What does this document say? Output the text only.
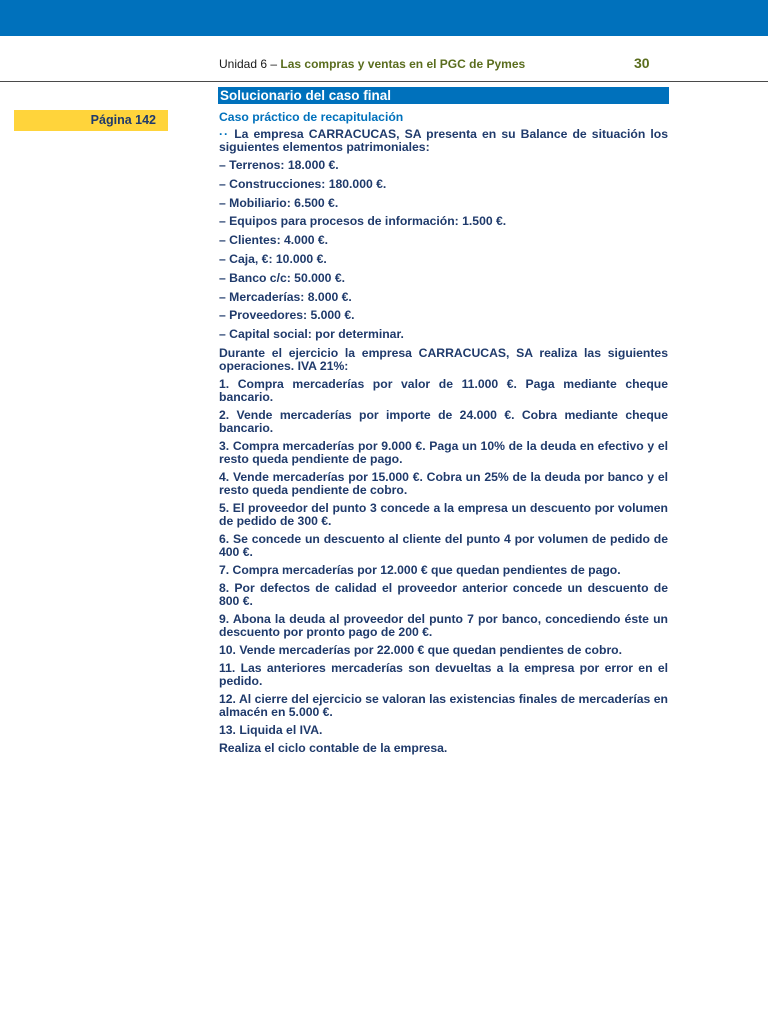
Unidad 6 – Las compras y ventas en el PGC de Pymes	30
Solucionario del caso final
Página 142	Caso práctico de recapitulación
·· La empresa CARRACUCAS, SA presenta en su Balance de situación los siguientes elementos patrimoniales:
– Terrenos: 18.000 €.
– Construcciones: 180.000 €.
– Mobiliario: 6.500 €.
– Equipos para procesos de información: 1.500 €.
– Clientes: 4.000 €.
– Caja, €: 10.000 €.
– Banco c/c: 50.000 €.
– Mercaderías: 8.000 €.
– Proveedores: 5.000 €.
– Capital social: por determinar.
Durante el ejercicio la empresa CARRACUCAS, SA realiza las siguientes operaciones. IVA 21%:
1. Compra mercaderías por valor de 11.000 €. Paga mediante cheque bancario.
2. Vende mercaderías por importe de 24.000 €. Cobra mediante cheque bancario.
3. Compra mercaderías por 9.000 €. Paga un 10% de la deuda en efectivo y el resto queda pendiente de pago.
4. Vende mercaderías por 15.000 €. Cobra un 25% de la deuda por banco y el resto queda pendiente de cobro.
5. El proveedor del punto 3 concede a la empresa un descuento por volumen de pedido de 300 €.
6. Se concede un descuento al cliente del punto 4 por volumen de pedido de 400 €.
7. Compra mercaderías por 12.000 € que quedan pendientes de pago.
8. Por defectos de calidad el proveedor anterior concede un descuento de 800 €.
9. Abona la deuda al proveedor del punto 7 por banco, concediendo éste un descuento por pronto pago de 200 €.
10. Vende mercaderías por 22.000 € que quedan pendientes de cobro.
11. Las anteriores mercaderías son devueltas a la empresa por error en el pedido.
12. Al cierre del ejercicio se valoran las existencias finales de mercaderías en almacén en 5.000 €.
13. Liquida el IVA.
Realiza el ciclo contable de la empresa.
